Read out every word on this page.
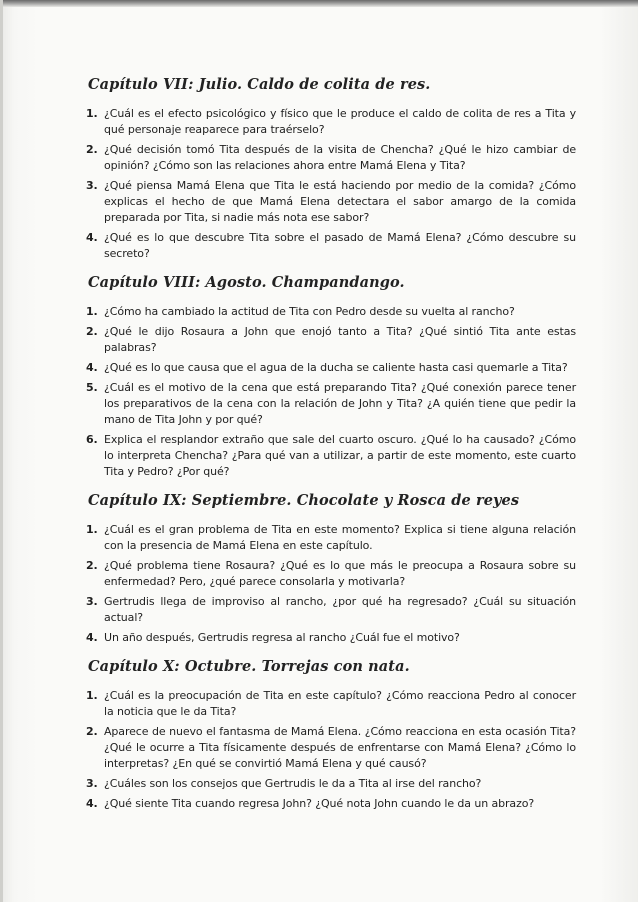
Capítulo VII: Julio. Caldo de colita de res.
1. ¿Cuál es el efecto psicológico y físico que le produce el caldo de colita de res a Tita y qué personaje reaparece para traérselo?
2. ¿Qué decisión tomó Tita después de la visita de Chencha? ¿Qué le hizo cambiar de opinión? ¿Cómo son las relaciones ahora entre Mamá Elena y Tita?
3. ¿Qué piensa Mamá Elena que Tita le está haciendo por medio de la comida? ¿Cómo explicas el hecho de que Mamá Elena detectara el sabor amargo de la comida preparada por Tita, si nadie más nota ese sabor?
4. ¿Qué es lo que descubre Tita sobre el pasado de Mamá Elena? ¿Cómo descubre su secreto?
Capítulo VIII: Agosto. Champandango.
1. ¿Cómo ha cambiado la actitud de Tita con Pedro desde su vuelta al rancho?
2. ¿Qué le dijo Rosaura a John que enojó tanto a Tita? ¿Qué sintió Tita ante estas palabras?
4. ¿Qué es lo que causa que el agua de la ducha se caliente hasta casi quemarle a Tita?
5. ¿Cuál es el motivo de la cena que está preparando Tita? ¿Qué conexión parece tener los preparativos de la cena con la relación de John y Tita? ¿A quién tiene que pedir la mano de Tita John y por qué?
6. Explica el resplandor extraño que sale del cuarto oscuro. ¿Qué lo ha causado? ¿Cómo lo interpreta Chencha? ¿Para qué van a utilizar, a partir de este momento, este cuarto Tita y Pedro? ¿Por qué?
Capítulo IX: Septiembre. Chocolate y Rosca de reyes
1. ¿Cuál es el gran problema de Tita en este momento? Explica si tiene alguna relación con la presencia de Mamá Elena en este capítulo.
2. ¿Qué problema tiene Rosaura? ¿Qué es lo que más le preocupa a Rosaura sobre su enfermedad? Pero, ¿qué parece consolarla y motivarla?
3. Gertrudis llega de improviso al rancho, ¿por qué ha regresado? ¿Cuál su situación actual?
4. Un año después, Gertrudis regresa al rancho ¿Cuál fue el motivo?
Capítulo X: Octubre. Torrejas con nata.
1. ¿Cuál es la preocupación de Tita en este capítulo? ¿Cómo reacciona Pedro al conocer la noticia que le da Tita?
2. Aparece de nuevo el fantasma de Mamá Elena. ¿Cómo reacciona en esta ocasión Tita? ¿Qué le ocurre a Tita físicamente después de enfrentarse con Mamá Elena? ¿Cómo lo interpretas? ¿En qué se convirtió Mamá Elena y qué causó?
3. ¿Cuáles son los consejos que Gertrudis le da a Tita al irse del rancho?
4. ¿Qué siente Tita cuando regresa John? ¿Qué nota John cuando le da un abrazo?
